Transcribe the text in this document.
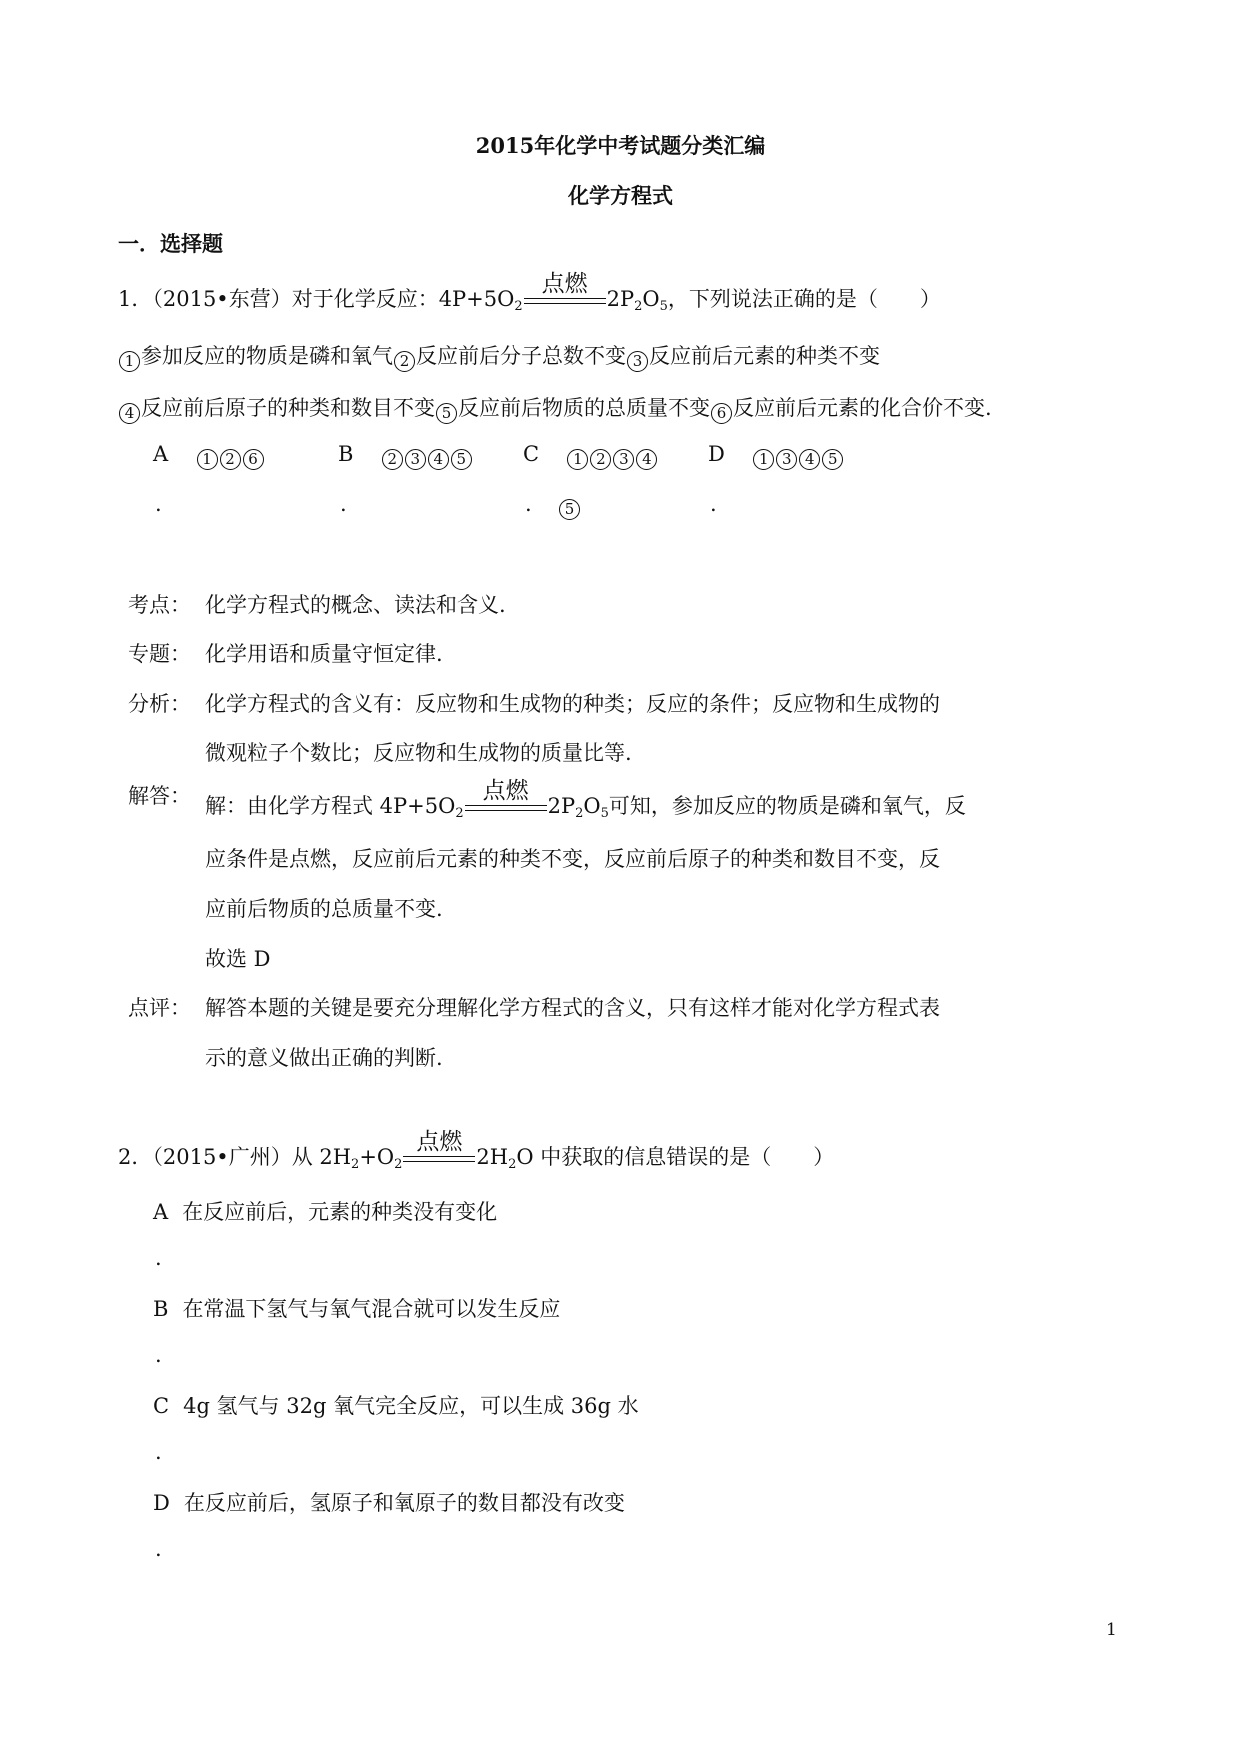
2015年化学中考试题分类汇编
化学方程式
一．选择题
1．（2015•东营）对于化学反应：$4P+5O_2$
点燃
$2P_2O_5$，下列说法正确的是（　　）
1 参加反应的物质是磷和氧气 2 反应前后分子总数不变 3 反应前后元素的种类不变
4 反应前后原子的种类和数目不变 5 反应前后物质的总质量不变 6 反应前后元素的化合价不变.
A 1 2 6	B 2 3 4 5	C 1 2 3 4	D 1 3 4 5
.	.	.	5	.
考点： 化学方程式的概念、读法和含义.
专题： 化学用语和质量守恒定律.
分析： 化学方程式的含义有：反应物和生成物的种类；反应的条件；反应物和生成物的
微观粒子个数比；反应物和生成物的质量比等.
解答： 解：由化学方程式 $4P+5O_2$
点燃
$2P_2O_5$可知，参加反应的物质是磷和氧气，反
应条件是点燃，反应前后元素的种类不变，反应前后原子的种类和数目不变，反
应前后物质的总质量不变.
故选 D
点评： 解答本题的关键是要充分理解化学方程式的含义，只有这样才能对化学方程式表
示的意义做出正确的判断.
2．（2015•广州）从 $2H_2+O_2$
点燃
$2H_2O$ 中获取的信息错误的是（　　）
A 在反应前后，元素的种类没有变化
.
B 在常温下氢气与氧气混合就可以发生反应
.
C 4g 氢气与 32g 氧气完全反应，可以生成 36g 水
.
D 在反应前后，氢原子和氧原子的数目都没有改变
.
1
